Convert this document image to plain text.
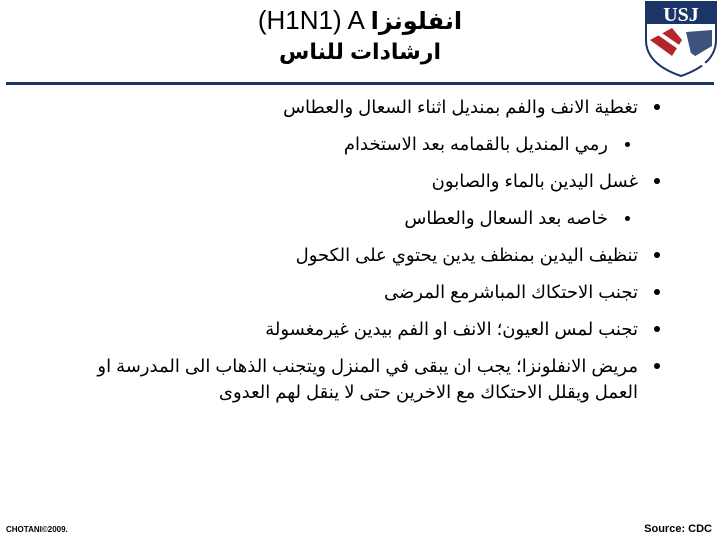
(H1N1) A انفلونزا
ارشادات للناس
USJ
تغطية الانف والفم بمنديل اثناء السعال والعطاس
رمي المنديل بالقمامه بعد الاستخدام
غسل اليدين بالماء والصابون
خاصه بعد السعال والعطاس
تنظيف اليدين بمنظف يدين يحتوي على الكحول
تجنب الاحتكاك المباشرمع المرضى
تجنب لمس العيون؛ الانف او الفم بيدين غيرمغسولة
مريض الانفلونزا؛ يجب ان يبقى في المنزل ويتجنب الذهاب الى المدرسة او العمل ويقلل الاحتكاك مع الاخرين حتى لا ينقل لهم العدوى
CHOTANI©2009.	Source: CDC
